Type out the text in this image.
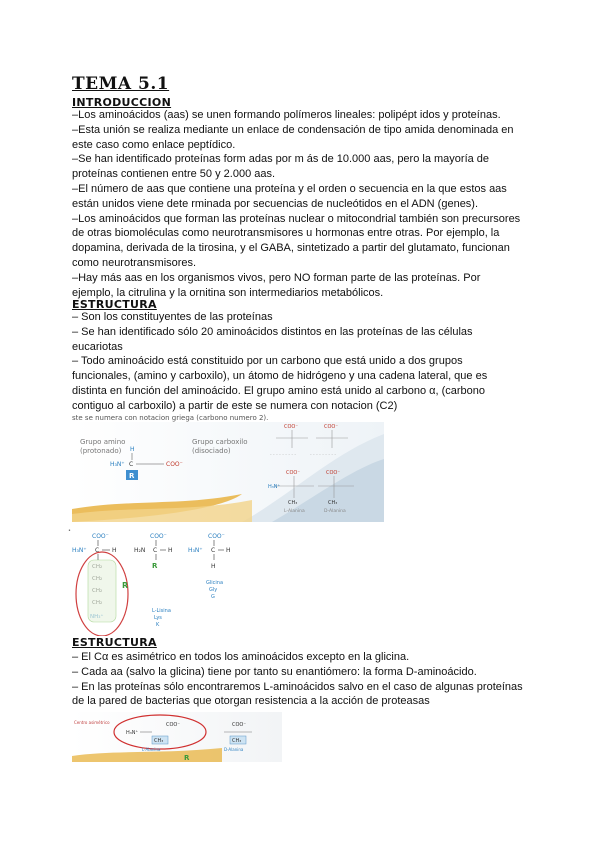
TEMA 5.1
INTRODUCCION
–Los aminoácidos (aas) se unen formando polímeros lineales: polipépt idos y proteínas.
–Esta unión se realiza mediante un enlace de condensación de tipo amida denominada en
este caso como enlace peptídico.
–Se han identificado proteínas form adas por m ás de 10.000 aas, pero la mayoría de
proteínas contienen entre 50 y 2.000 aas.
–El número de aas que contiene una proteína y el orden o secuencia en la que estos aas
están unidos viene dete rminada por secuencias de nucleótidos en el ADN (genes).
–Los aminoácidos que forman las proteínas nuclear o mitocondrial también son precursores
de otras biomoléculas como neurotransmisores u hormonas entre otras. Por ejemplo, la
dopamina, derivada de la tirosina, y el GABA, sintetizado a partir del glutamato, funcionan
como neurotransmisores.
–Hay más aas en los organismos vivos, pero NO forman parte de las proteínas. Por
ejemplo, la citrulina y la ornitina son intermediarios metabólicos.
ESTRUCTURA
– Son los constituyentes de las proteínas
– Se han identificado sólo 20 aminoácidos distintos en las proteínas de las células
eucariotas
– Todo aminoácido está constituido por un carbono que está unido a dos grupos
funcionales, (amino y carboxilo), un átomo de hidrógeno y una cadena lateral, que es
distinta en función del aminoácido. El grupo amino está unido al carbono α, (carbono
contiguo al carboxilo) a partir de este se numera con notacion (C2)
ste se numera con notacion griega (carbono numero 2).
Grupo amino
(protonado)
Grupo carboxilo
(disociado)
H
H₃N⁺ C	COO⁻
R
COO⁻	COO⁻
- - - - - - - - -	- - - - - - - - -
COO⁻
H₃N⁺
CH₃
L-Alanina
COO⁻
CH₃
D-Alanina
•
COO⁻
H₃N⁺ C H
R
L-Lisina
Lys
K
COO⁻
H₂N C H
R
COO⁻
H₃N⁺ C H
H
Glicina
Gly
G
ESTRUCTURA
– El Cα es asimétrico en todos los aminoácidos excepto en la glicina.
– Cada aa (salvo la glicina) tiene por tanto su enantiómero: la forma D-aminoácido.
– En las proteínas sólo encontraremos L-aminoácidos salvo en el caso de algunas proteínas
de la pared de bacterias que otorgan resistencia a la acción de proteasas
Centro asimétrico
H₃N⁺
COO⁻
CH₃
L-Alanina
COO⁻
CH₃
D-Alanina
R
